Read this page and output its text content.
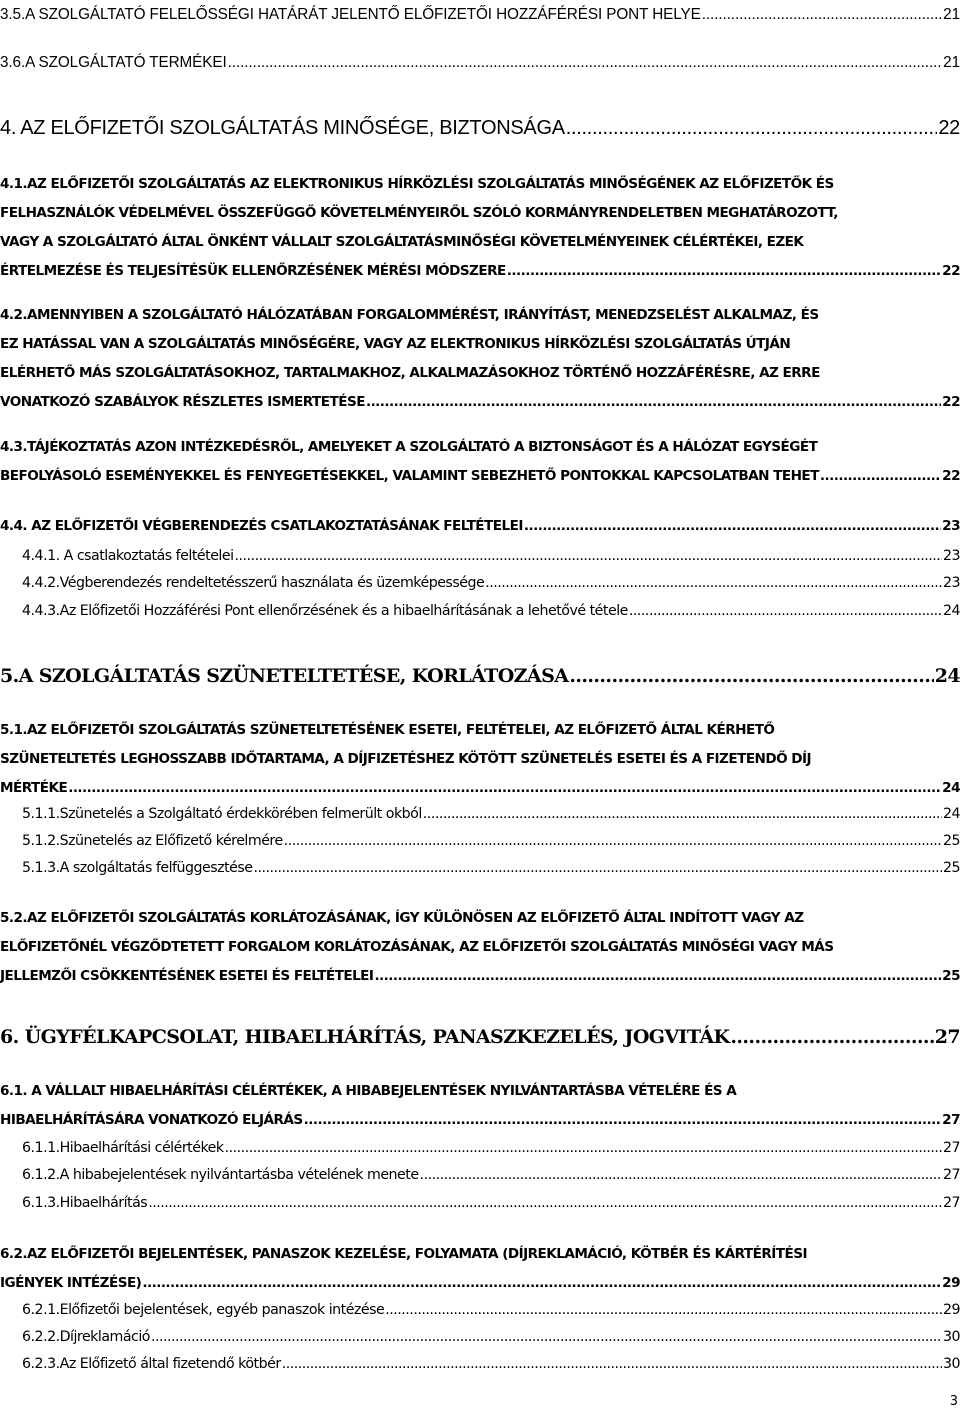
3.5.A SZOLGÁLTATÓ FELELŐSSÉGI HATÁRÁT JELENTŐ ELŐFIZETŐI HOZZÁFÉRÉSI PONT HELYE .....	21
3.6.A SZOLGÁLTATÓ TERMÉKEI .....	21
4. AZ ELŐFIZETŐI SZOLGÁLTATÁS MINŐSÉGE, BIZTONSÁGA .....	22
4.1.AZ ELŐFIZETŐI SZOLGÁLTATÁS AZ ELEKTRONIKUS HÍRKÖZLÉSI SZOLGÁLTATÁS MINŐSÉGÉNEK AZ ELŐFIZETŐK ÉS
FELHASZNÁLÓK VÉDELMÉVEL ÖSSZEFÜGGŐ KÖVETELMÉNYEIRŐL SZÓLÓ KORMÁNYRENDELETBEN MEGHATÁROZOTT,
VAGY A SZOLGÁLTATÓ ÁLTAL ÖNKÉNT VÁLLALT SZOLGÁLTATÁSMINŐSÉGI KÖVETELMÉNYEINEK CÉLÉRTÉKEI, EZEK
ÉRTELMEZÉSE ÉS TELJESÍTÉSÜK ELLENŐRZÉSÉNEK MÉRÉSI MÓDSZERE .....	22
4.2.AMENNYIBEN A SZOLGÁLTATÓ HÁLÓZATÁBAN FORGALOMMÉRÉST, IRÁNYÍTÁST, MENEDZSELÉST ALKALMAZ, ÉS
EZ HATÁSSAL VAN A SZOLGÁLTATÁS MINŐSÉGÉRE, VAGY AZ ELEKTRONIKUS HÍRKÖZLÉSI SZOLGÁLTATÁS ÚTJÁN
ELÉRHETŐ MÁS SZOLGÁLTATÁSOKHOZ, TARTALMAKHOZ, ALKALMAZÁSOKHOZ TÖRTÉNŐ HOZZÁFÉRÉSRE, AZ ERRE
VONATKOZÓ SZABÁLYOK RÉSZLETES ISMERTETÉSE .....	22
4.3.TÁJÉKOZTATÁS AZON INTÉZKEDÉSRŐL, AMELYEKET A SZOLGÁLTATÓ A BIZTONSÁGOT ÉS A HÁLÓZAT EGYSÉGÉT
BEFOLYÁSOLÓ ESEMÉNYEKKEL ÉS FENYEGETÉSEKKEL, VALAMINT SEBEZHETŐ PONTOKKAL KAPCSOLATBAN TEHET .....	22
4.4. AZ ELŐFIZETŐI VÉGBERENDEZÉS CSATLAKOZTATÁSÁNAK FELTÉTELEI .....	23
4.4.1. A csatlakoztatás feltételei .....	23
4.4.2.Végberendezés rendeltetésszerű használata és üzemképessége .....	23
4.4.3.Az Előfizetői Hozzáférési Pont ellenőrzésének és a hibaelhárításának a lehetővé tétele .....	24
5.A SZOLGÁLTATÁS SZÜNETELTETÉSE, KORLÁTOZÁSA .....	24
5.1.AZ ELŐFIZETŐI SZOLGÁLTATÁS SZÜNETELTETÉSÉNEK ESETEI, FELTÉTELEI, AZ ELŐFIZETŐ ÁLTAL KÉRHETŐ
SZÜNETELTETÉS LEGHOSSZABB IDŐTARTAMA, A DÍJFIZETÉSHEZ KÖTÖTT SZÜNETELÉS ESETEI ÉS A FIZETENDŐ DÍJ
MÉRTÉKE .....	24
5.1.1.Szünetelés a Szolgáltató érdekkörében felmerült okból .....	24
5.1.2.Szünetelés az Előfizető kérelmére .....	25
5.1.3.A szolgáltatás felfüggesztése .....	25
5.2.AZ ELŐFIZETŐI SZOLGÁLTATÁS KORLÁTOZÁSÁNAK, ÍGY KÜLÖNÖSEN AZ ELŐFIZETŐ ÁLTAL INDÍTOTT VAGY AZ
ELŐFIZETŐNÉL VÉGZŐDTETETT FORGALOM KORLÁTOZÁSÁNAK, AZ ELŐFIZETŐI SZOLGÁLTATÁS MINŐSÉGI VAGY MÁS
JELLEMZŐI CSÖKKENTÉSÉNEK ESETEI ÉS FELTÉTELEI .....	25
6. ÜGYFÉLKAPCSOLAT, HIBAELHÁRÍTÁS, PANASZKEZELÉS, JOGVITÁK .....	27
6.1. A VÁLLALT HIBAELHÁRÍTÁSI CÉLÉRTÉKEK, A HIBABEJELENTÉSEK NYILVÁNTARTÁSBA VÉTELÉRE ÉS A
HIBAELHÁRÍTÁSÁRA VONATKOZÓ ELJÁRÁS .....	27
6.1.1.Hibaelhárítási célértékek .....	27
6.1.2.A hibabejelentések nyilvántartásba vételének menete .....	27
6.1.3.Hibaelhárítás .....	27
6.2.AZ ELŐFIZETŐI BEJELENTÉSEK, PANASZOK KEZELÉSE, FOLYAMATA (DÍJREKLAMÁCIÓ, KÖTBÉR ÉS KÁRTÉRÍTÉSI
IGÉNYEK INTÉZÉSE) .....	29
6.2.1.Előfizetői bejelentések, egyéb panaszok intézése .....	29
6.2.2.Díjreklamáció .....	30
6.2.3.Az Előfizető által fizetendő kötbér .....	30
3
